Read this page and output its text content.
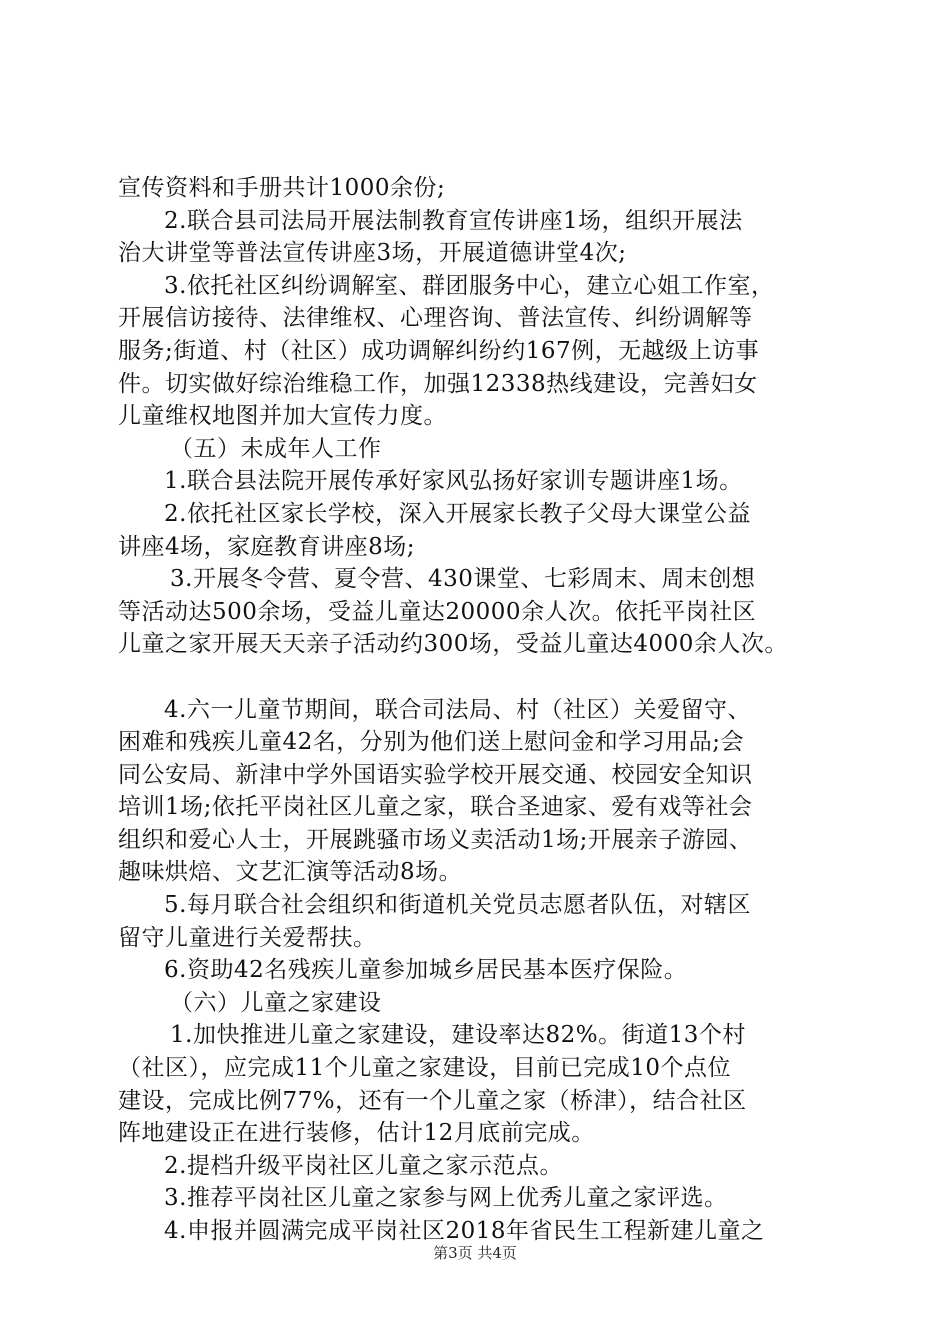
宣传资料和手册共计1000余份;
2.联合县司法局开展法制教育宣传讲座1场，组织开展法
治大讲堂等普法宣传讲座3场，开展道德讲堂4次;
3.依托社区纠纷调解室、群团服务中心，建立心姐工作室，
开展信访接待、法律维权、心理咨询、普法宣传、纠纷调解等
服务;街道、村（社区）成功调解纠纷约167例，无越级上访事
件。切实做好综治维稳工作，加强12338热线建设，完善妇女
儿童维权地图并加大宣传力度。
（五）未成年人工作
1.联合县法院开展传承好家风弘扬好家训专题讲座1场。
2.依托社区家长学校，深入开展家长教子父母大课堂公益
讲座4场，家庭教育讲座8场;
3.开展冬令营、夏令营、430课堂、七彩周末、周末创想
等活动达500余场，受益儿童达20000余人次。依托平岗社区
儿童之家开展天天亲子活动约300场，受益儿童达4000余人次。
4.六一儿童节期间，联合司法局、村（社区）关爱留守、
困难和残疾儿童42名，分别为他们送上慰问金和学习用品;会
同公安局、新津中学外国语实验学校开展交通、校园安全知识
培训1场;依托平岗社区儿童之家，联合圣迪家、爱有戏等社会
组织和爱心人士，开展跳骚市场义卖活动1场;开展亲子游园、
趣味烘焙、文艺汇演等活动8场。
5.每月联合社会组织和街道机关党员志愿者队伍，对辖区
留守儿童进行关爱帮扶。
6.资助42名残疾儿童参加城乡居民基本医疗保险。
（六）儿童之家建设
1.加快推进儿童之家建设，建设率达82%。街道13个村
（社区），应完成11个儿童之家建设，目前已完成10个点位
建设，完成比例77%，还有一个儿童之家（桥津），结合社区
阵地建设正在进行装修，估计12月底前完成。
2.提档升级平岗社区儿童之家示范点。
3.推荐平岗社区儿童之家参与网上优秀儿童之家评选。
4.申报并圆满完成平岗社区2018年省民生工程新建儿童之
第3页 共4页
